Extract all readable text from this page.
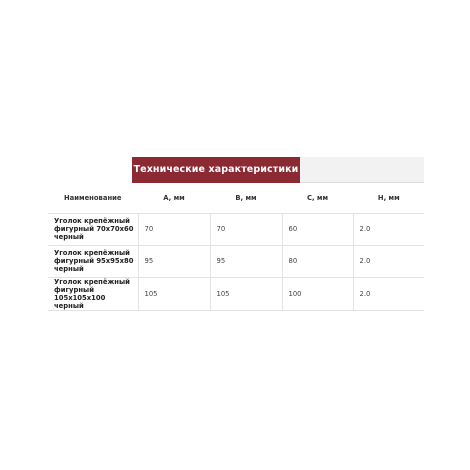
Технические характеристики
Наименование	A, мм	B, мм	C, мм	H, мм
Уголок крепёжный фигурный 70х70х60 черный	70	70	60	2.0
Уголок крепёжный фигурный 95х95х80 черный	95	95	80	2.0
Уголок крепёжный фигурный 105х105х100 черный	105	105	100	2.0
